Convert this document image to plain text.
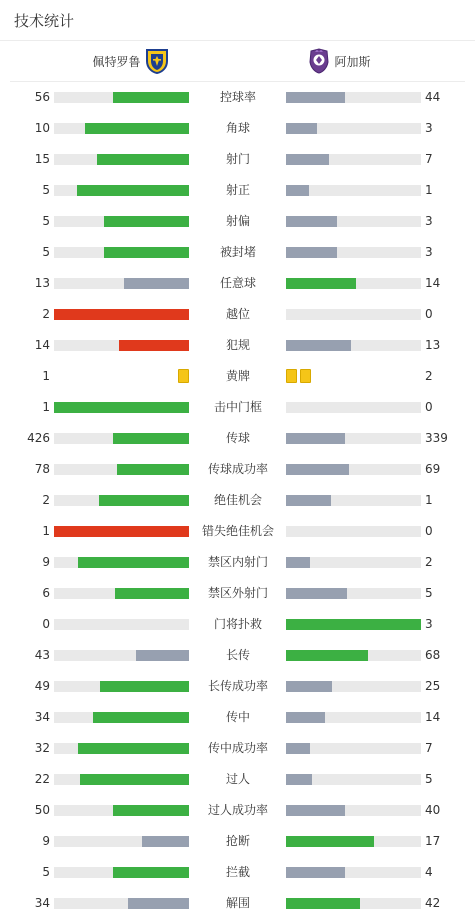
技术统计
佩特罗鲁	阿加斯
56	控球率	44
10	角球	3
15	射门	7
5	射正	1
5	射偏	3
5	被封堵	3
13	任意球	14
2	越位	0
14	犯规	13
1	黄牌	2
1	击中门框	0
426	传球	339
78	传球成功率	69
2	绝佳机会	1
1	错失绝佳机会	0
9	禁区内射门	2
6	禁区外射门	5
0	门将扑救	3
43	长传	68
49	长传成功率	25
34	传中	14
32	传中成功率	7
22	过人	5
50	过人成功率	40
9	抢断	17
5	拦截	4
34	解围	42
